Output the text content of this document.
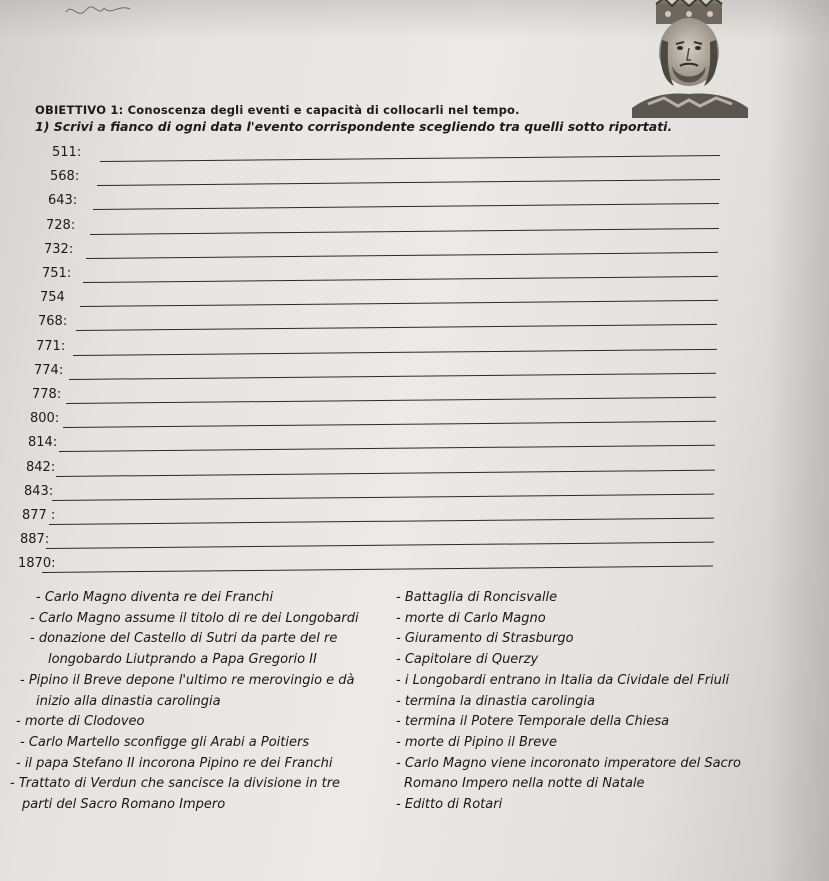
OBIETTIVO 1: Conoscenza degli eventi e capacità di collocarli nel tempo.
1) Scrivi a fianco di ogni data l'evento corrispondente scegliendo tra quelli sotto riportati.
511:
568:
643:
728:
732:
751:
754
768:
771:
774:
778:
800:
814:
842:
843:
877 :
887:
1870:
- Carlo Magno diventa re dei Franchi
- Carlo Magno assume il titolo di re dei Longobardi
- donazione del Castello di Sutri da parte del re
longobardo Liutprando a Papa Gregorio II
- Pipino il Breve depone l'ultimo re merovingio e dà
inizio alla dinastia carolingia
- morte di Clodoveo
- Carlo Martello sconfigge gli Arabi a Poitiers
- il papa Stefano II incorona Pipino re dei Franchi
- Trattato di Verdun che sancisce la divisione in tre
parti del Sacro Romano Impero
- Battaglia di Roncisvalle
- morte di Carlo Magno
- Giuramento di Strasburgo
- Capitolare di Querzy
- i Longobardi entrano in Italia da Cividale del Friuli
- termina la dinastia carolingia
- termina il Potere Temporale della Chiesa
- morte di Pipino il Breve
- Carlo Magno viene incoronato imperatore del Sacro
Romano Impero nella notte di Natale
- Editto di Rotari
